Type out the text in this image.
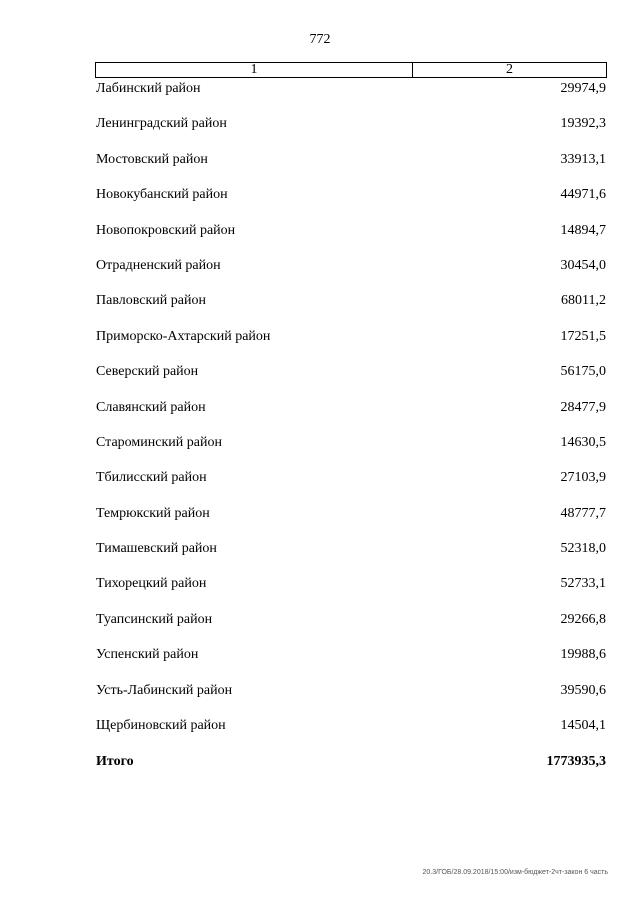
772
1	2
Лабинский район	29974,9
Ленинградский район	19392,3
Мостовский район	33913,1
Новокубанский район	44971,6
Новопокровский район	14894,7
Отрадненский район	30454,0
Павловский район	68011,2
Приморско-Ахтарский район	17251,5
Северский район	56175,0
Славянский район	28477,9
Староминский район	14630,5
Тбилисский район	27103,9
Темрюкский район	48777,7
Тимашевский район	52318,0
Тихорецкий район	52733,1
Туапсинский район	29266,8
Успенский район	19988,6
Усть-Лабинский район	39590,6
Щербиновский район	14504,1
Итого	1773935,3
20.3/ГОБ/28.09.2018/15:00/изм-бюджет-2чт-закон 6 часть
